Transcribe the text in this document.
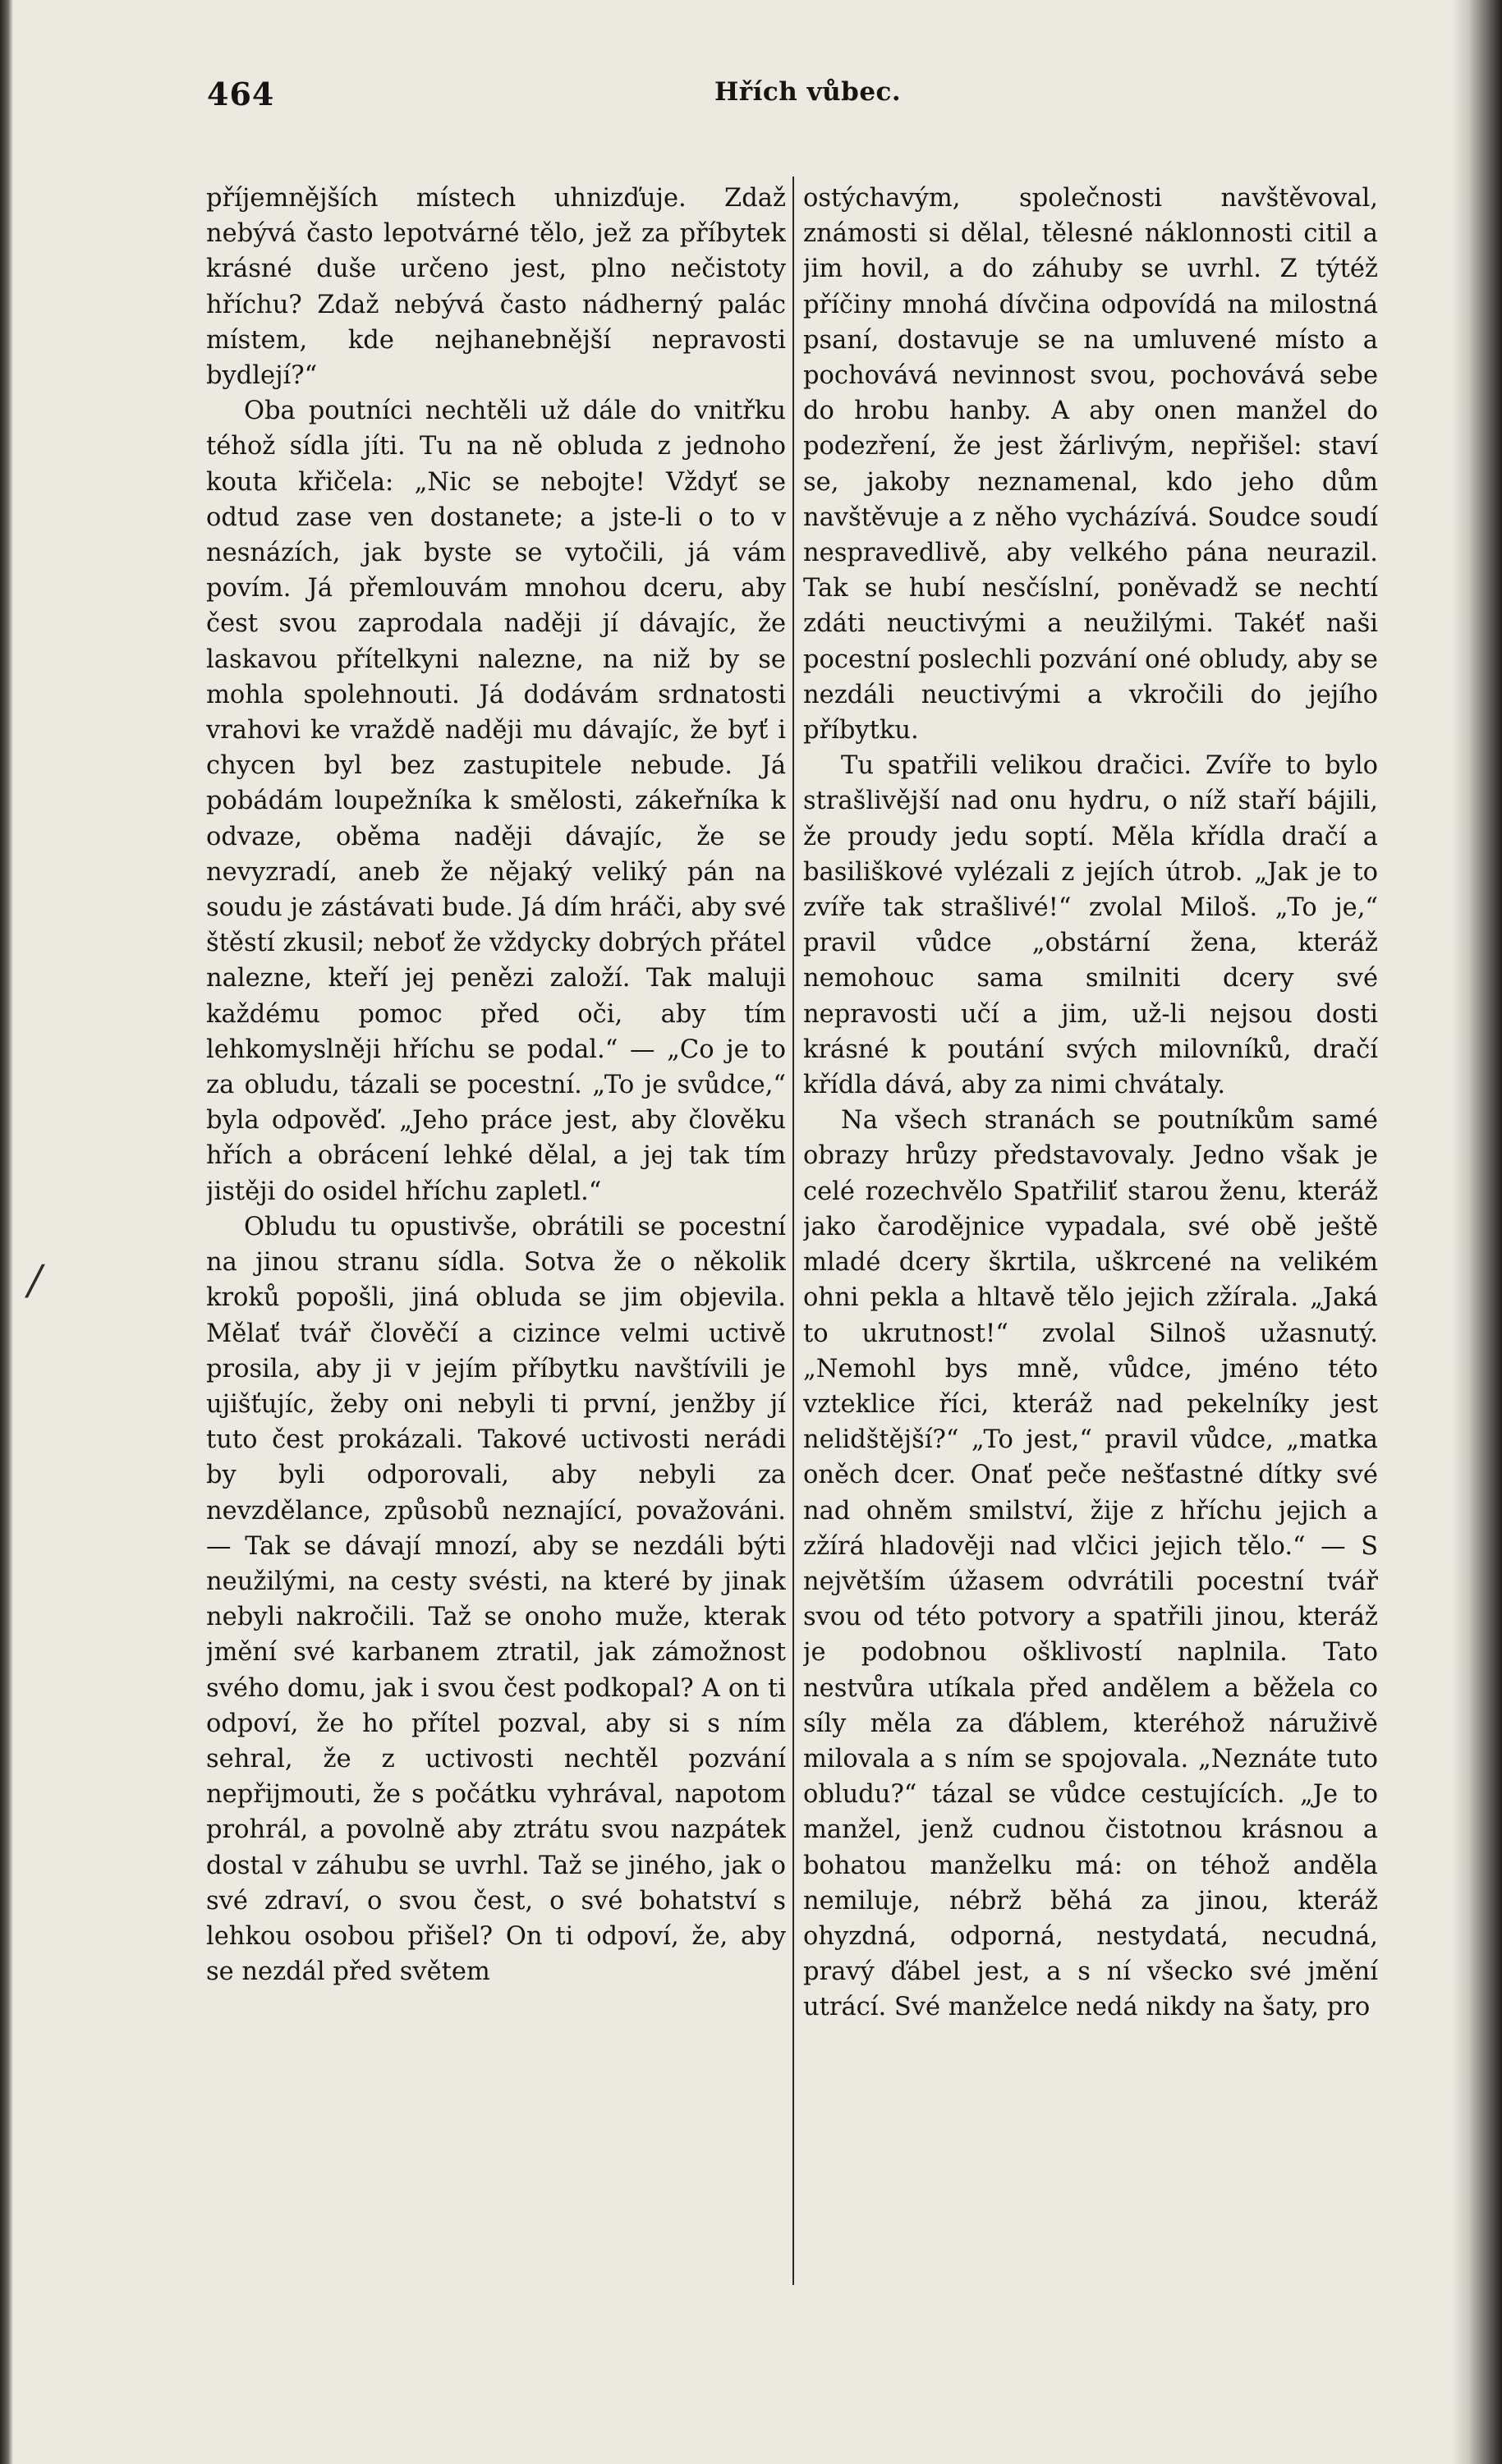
464	Hřích vůbec.
/

příjemnějších místech uhnizďuje. Zdaž nebývá často lepotvárné tělo, jež za příbytek krásné duše určeno jest, plno nečistoty hříchu? Zdaž nebývá často nádherný palác místem, kde nejhanebnější nepravosti bydlejí?“

Oba poutníci nechtěli už dále do vnitřku téhož sídla jíti. Tu na ně obluda z jednoho kouta křičela: „Nic se nebojte! Vždyť se odtud zase ven dostanete; a jste-li o to v nesnázích, jak byste se vytočili, já vám povím. Já přemlouvám mnohou dceru, aby čest svou zaprodala naději jí dávajíc, že laskavou přítelkyni nalezne, na niž by se mohla spolehnouti. Já dodávám srdnatosti vrahovi ke vraždě naději mu dávajíc, že byť i chycen byl bez zastupitele nebude. Já pobádám loupežníka k smělosti, zákeřníka k odvaze, oběma naději dávajíc, že se nevyzradí, aneb že nějaký veliký pán na soudu je zástávati bude. Já dím hráči, aby své štěstí zkusil; neboť že vždycky dobrých přátel nalezne, kteří jej penězi založí. Tak maluji každému pomoc před oči, aby tím lehkomyslněji hříchu se podal.“ — „Co je to za obludu, tázali se pocestní. „To je svůdce,“ byla odpověď. „Jeho práce jest, aby člověku hřích a obrácení lehké dělal, a jej tak tím jistěji do osidel hříchu zapletl.“

Obludu tu opustivše, obrátili se pocestní na jinou stranu sídla. Sotva že o několik kroků popošli, jiná obluda se jim objevila. Mělať tvář člověčí a cizince velmi uctivě prosila, aby ji v jejím příbytku navštívili je ujišťujíc, žeby oni nebyli ti první, jenžby jí tuto čest prokázali. Takové uctivosti nerádi by byli odporovali, aby nebyli za nevzdělance, způsobů neznající, považováni. — Tak se dávají mnozí, aby se nezdáli býti neužilými, na cesty svésti, na které by jinak nebyli nakročili. Taž se onoho muže, kterak jmění své karbanem ztratil, jak zámožnost svého domu, jak i svou čest podkopal? A on ti odpoví, že ho přítel pozval, aby si s ním sehral, že z uctivosti nechtěl pozvání nepřijmouti, že s počátku vyhrával, napotom prohrál, a povolně aby ztrátu svou nazpátek dostal v záhubu se uvrhl. Taž se jiného, jak o své zdraví, o svou čest, o své bohatství s lehkou osobou přišel? On ti odpoví, že, aby se nezdál před světem

ostýchavým, společnosti navštěvoval, známosti si dělal, tělesné náklonnosti citil a jim hovil, a do záhuby se uvrhl. Z týtéž příčiny mnohá dívčina odpovídá na milostná psaní, dostavuje se na umluvené místo a pochovává nevinnost svou, pochovává sebe do hrobu hanby. A aby onen manžel do podezření, že jest žárlivým, nepřišel: staví se, jakoby neznamenal, kdo jeho dům navštěvuje a z něho vycházívá. Soudce soudí nespravedlivě, aby velkého pána neurazil. Tak se hubí nesčíslní, poněvadž se nechtí zdáti neuctivými a neužilými. Takéť naši pocestní poslechli pozvání oné obludy, aby se nezdáli neuctivými a vkročili do jejího příbytku.

Tu spatřili velikou dračici. Zvíře to bylo strašlivější nad onu hydru, o níž staří bájili, že proudy jedu soptí. Měla křídla dračí a basiliškové vylézali z jejích útrob. „Jak je to zvíře tak strašlivé!“ zvolal Miloš. „To je,“ pravil vůdce „obstární žena, kteráž nemohouc sama smilniti dcery své nepravosti učí a jim, už-li nejsou dosti krásné k poutání svých milovníků, dračí křídla dává, aby za nimi chvátaly.

Na všech stranách se poutníkům samé obrazy hrůzy představovaly. Jedno však je celé rozechvělo Spatřiliť starou ženu, kteráž jako čarodějnice vypadala, své obě ještě mladé dcery škrtila, uškrcené na velikém ohni pekla a hltavě tělo jejich zžírala. „Jaká to ukrutnost!“ zvolal Silnoš užasnutý. „Nemohl bys mně, vůdce, jméno této vzteklice říci, kteráž nad pekelníky jest nelidštější?“ „To jest,“ pravil vůdce, „matka oněch dcer. Onať peče nešťastné dítky své nad ohněm smilství, žije z hříchu jejich a zžírá hladověji nad vlčici jejich tělo.“ — S největším úžasem odvrátili pocestní tvář svou od této potvory a spatřili jinou, kteráž je podobnou ošklivostí naplnila. Tato nestvůra utíkala před andělem a běžela co síly měla za ďáblem, kteréhož náruživě milovala a s ním se spojovala. „Neznáte tuto obludu?“ tázal se vůdce cestujících. „Je to manžel, jenž cudnou čistotnou krásnou a bohatou manželku má: on téhož anděla nemiluje, nébrž běhá za jinou, kteráž ohyzdná, odporná, nestydatá, necudná, pravý ďábel jest, a s ní všecko své jmění utrácí. Své manželce nedá nikdy na šaty, pro
